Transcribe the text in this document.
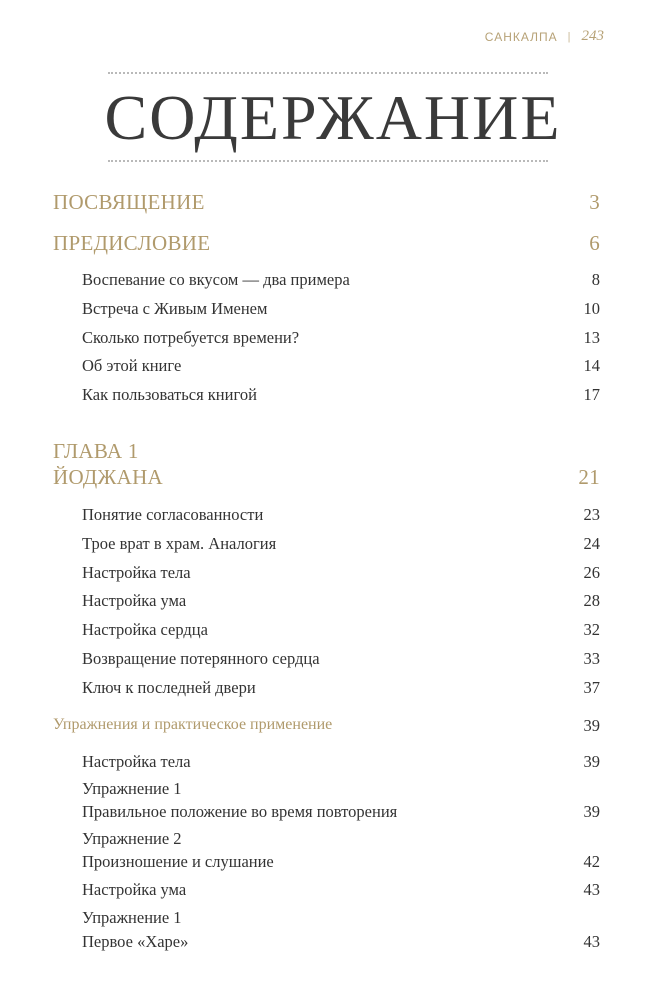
САНКАЛПА | 243
СОДЕРЖАНИЕ
ПОСВЯЩЕНИЕ	3
ПРЕДИСЛОВИЕ	6
Воспевание со вкусом — два примера	8
Встреча с Живым Именем	10
Сколько потребуется времени?	13
Об этой книге	14
Как пользоваться книгой	17
ГЛАВА 1
ЙОДЖАНА	21
Понятие согласованности	23
Трое врат в храм. Аналогия	24
Настройка тела	26
Настройка ума	28
Настройка сердца	32
Возвращение потерянного сердца	33
Ключ к последней двери	37
Упражнения и практическое применение	39
Настройка тела	39
Упражнение 1
Правильное положение во время повторения	39
Упражнение 2
Произношение и слушание	42
Настройка ума	43
Упражнение 1
Первое «Харе»	43
